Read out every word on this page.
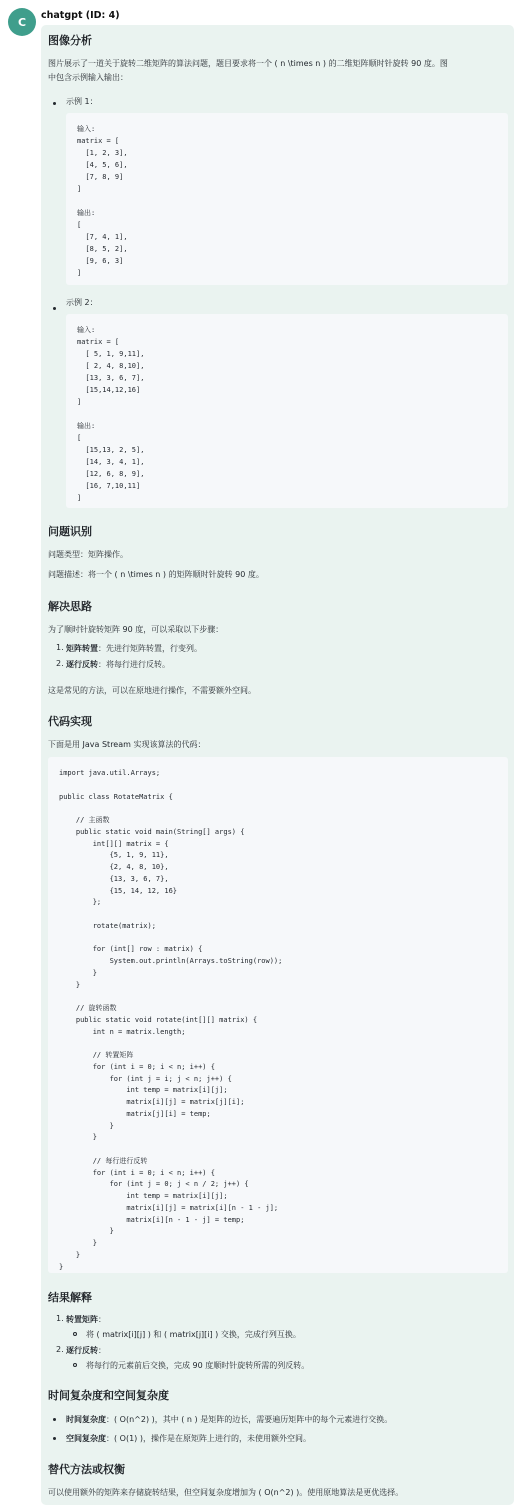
C	chatgpt (ID: 4)
图像分析
图片展示了一道关于旋转二维矩阵的算法问题，题目要求将一个 ( n \times n ) 的二维矩阵顺时针旋转 90 度。图
中包含示例输入输出：
示例 1：
输入:
matrix = [
[1, 2, 3],
[4, 5, 6],
[7, 8, 9]
]

输出:
[
[7, 4, 1],
[8, 5, 2],
[9, 6, 3]
]
示例 2：
输入:
matrix = [
[ 5, 1, 9,11],
[ 2, 4, 8,10],
[13, 3, 6, 7],
[15,14,12,16]
]

输出:
[
[15,13, 2, 5],
[14, 3, 4, 1],
[12, 6, 8, 9],
[16, 7,10,11]
]
问题识别
问题类型：矩阵操作。
问题描述：将一个 ( n \times n ) 的矩阵顺时针旋转 90 度。
解决思路
为了顺时针旋转矩阵 90 度，可以采取以下步骤：
1. 矩阵转置：先进行矩阵转置，行变列。
2. 逐行反转：将每行进行反转。
这是常见的方法，可以在原地进行操作，不需要额外空间。
代码实现
下面是用 Java Stream 实现该算法的代码：
import java.util.Arrays;

public class RotateMatrix {

// 主函数
public static void main(String[] args) {
int[][] matrix = {
{5, 1, 9, 11},
{2, 4, 8, 10},
{13, 3, 6, 7},
{15, 14, 12, 16}
};

rotate(matrix);

for (int[] row : matrix) {
System.out.println(Arrays.toString(row));
}
}

// 旋转函数
public static void rotate(int[][] matrix) {
int n = matrix.length;

// 转置矩阵
for (int i = 0; i < n; i++) {
for (int j = i; j < n; j++) {
int temp = matrix[i][j];
matrix[i][j] = matrix[j][i];
matrix[j][i] = temp;
}
}

// 每行进行反转
for (int i = 0; i < n; i++) {
for (int j = 0; j < n / 2; j++) {
int temp = matrix[i][j];
matrix[i][j] = matrix[i][n - 1 - j];
matrix[i][n - 1 - j] = temp;
}
}
}
}
结果解释
1. 转置矩阵：
将 ( matrix[i][j] ) 和 ( matrix[j][i] ) 交换，完成行列互换。
2. 逐行反转：
将每行的元素前后交换，完成 90 度顺时针旋转所需的列反转。
时间复杂度和空间复杂度
时间复杂度：( O(n^2) )，其中 ( n ) 是矩阵的边长，需要遍历矩阵中的每个元素进行交换。
空间复杂度：( O(1) )，操作是在原矩阵上进行的，未使用额外空间。
替代方法或权衡
可以使用额外的矩阵来存储旋转结果，但空间复杂度增加为 ( O(n^2) )。使用原地算法是更优选择。
